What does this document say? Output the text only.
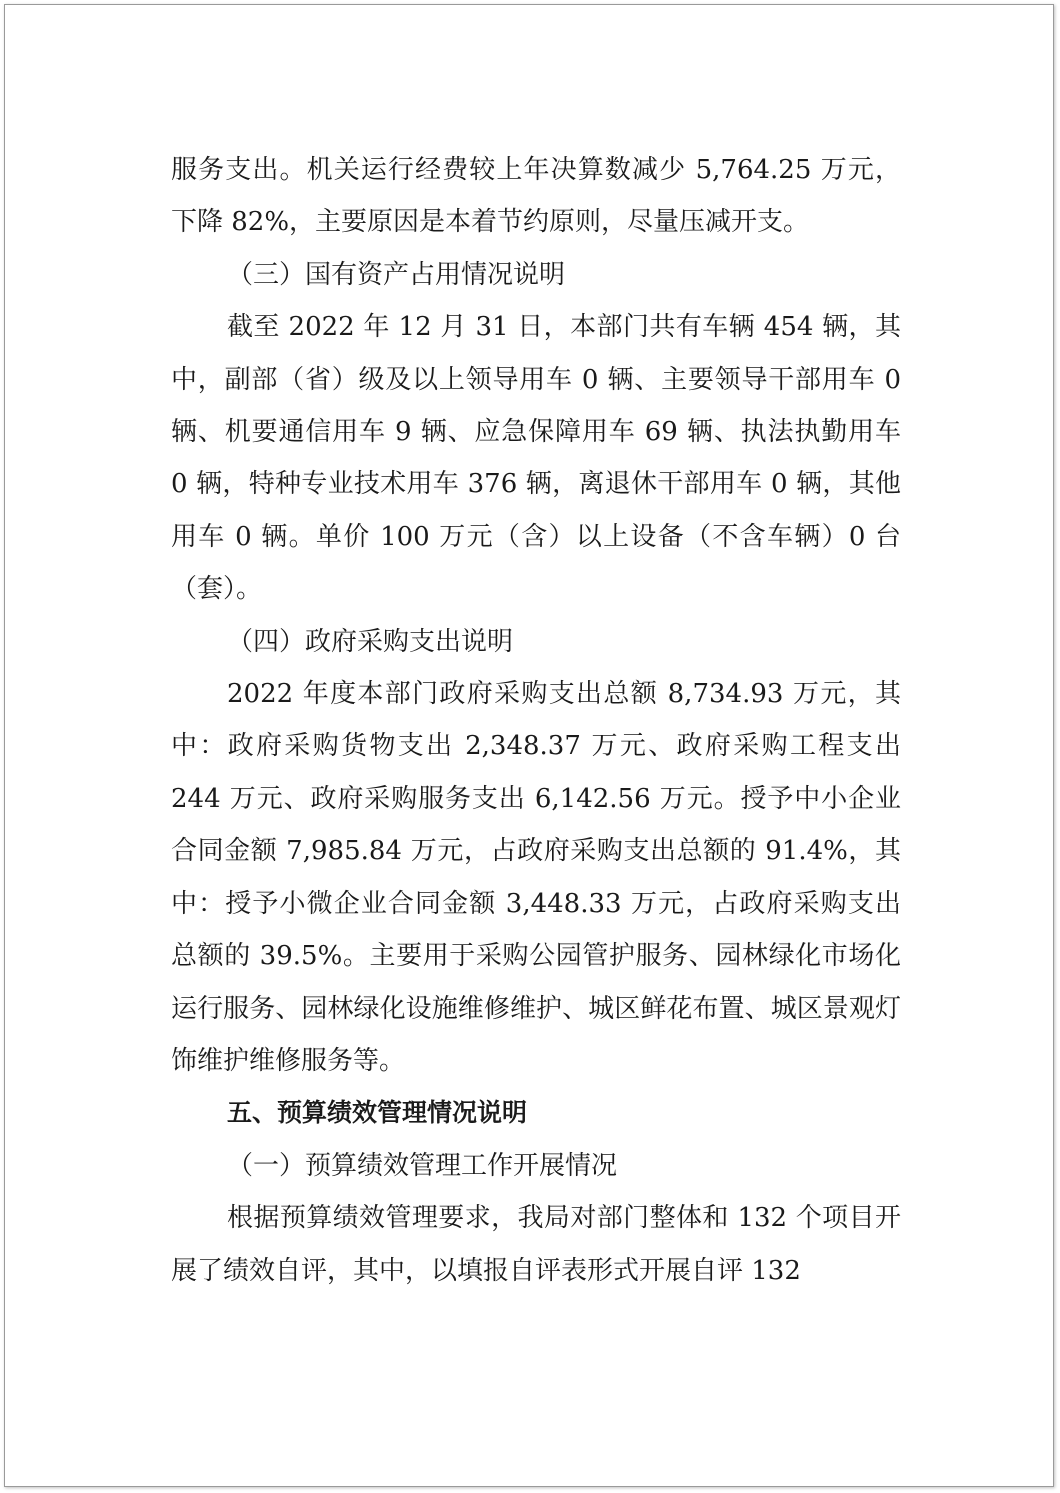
服务支出。机关运行经费较上年决算数减少 5,764.25 万元，下降 82%，主要原因是本着节约原则，尽量压减开支。

（三）国有资产占用情况说明

截至 2022 年 12 月 31 日，本部门共有车辆 454 辆，其中，副部（省）级及以上领导用车 0 辆、主要领导干部用车 0 辆、机要通信用车 9 辆、应急保障用车 69 辆、执法执勤用车 0 辆，特种专业技术用车 376 辆，离退休干部用车 0 辆，其他用车 0 辆。单价 100 万元（含）以上设备（不含车辆）0 台（套）。

（四）政府采购支出说明

2022 年度本部门政府采购支出总额 8,734.93 万元，其中：政府采购货物支出 2,348.37 万元、政府采购工程支出 244 万元、政府采购服务支出 6,142.56 万元。授予中小企业合同金额 7,985.84 万元，占政府采购支出总额的 91.4%，其中：授予小微企业合同金额 3,448.33 万元，占政府采购支出总额的 39.5%。主要用于采购公园管护服务、园林绿化市场化运行服务、园林绿化设施维修维护、城区鲜花布置、城区景观灯饰维护维修服务等。

五、预算绩效管理情况说明

（一）预算绩效管理工作开展情况

根据预算绩效管理要求，我局对部门整体和 132 个项目开展了绩效自评，其中，以填报自评表形式开展自评 132
